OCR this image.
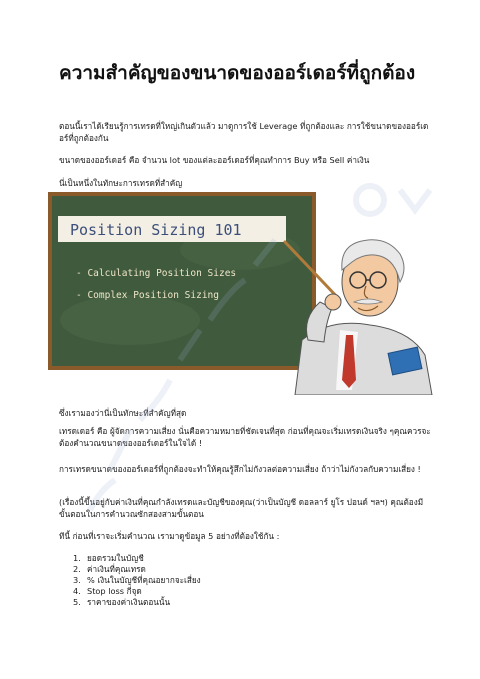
ความสำคัญของขนาดของออร์เดอร์ที่ถูกต้อง

ตอนนี้เราได้เรียนรู้การเทรดที่ใหญ่เกินตัวแล้ว มาดูการใช้ Leverage ที่ถูกต้องและ การใช้ขนาดของออร์เดอร์ที่ถูกต้องกัน

ขนาดของออร์เดอร์ คือ จำนวน lot ของแต่ละออร์เดอร์ที่คุณทำการ Buy หรือ Sell ค่าเงิน

นี่เป็นหนึ่งในทักษะการเทรดที่สำคัญ

Position Sizing 101
- Calculating Position Sizes
- Complex Position Sizing

ซึ่งเรามองว่านี่เป็นทักษะที่สำคัญที่สุด

เทรดเดอร์ คือ ผู้จัดการความเสี่ยง นั่นคือความหมายที่ชัดเจนที่สุด ก่อนที่คุณจะเริ่มเทรดเงินจริง ๆคุณควรจะต้องคำนวณขนาดของออร์เดอร์ในใจได้ !

การเทรดขนาดของออร์เดอร์ที่ถูกต้องจะทำให้คุณรู้สึกไม่กังวลต่อความเสี่ยง ถ้าว่าไม่กังวลกับความเสี่ยง !

(เรื่องนี้ขึ้นอยู่กับค่าเงินที่คุณกำลังเทรดและบัญชีของคุณ(ว่าเป็นบัญชี ดอลลาร์ ยูโร ปอนด์ ฯลฯ) คุณต้องมีขั้นตอนในการคำนวณซักสองสามขั้นตอน

ทีนี้ ก่อนที่เราจะเริ่มคำนวณ เรามาดูข้อมูล 5 อย่างที่ต้องใช้กัน :

1. ยอดรวมในบัญชี
2. ค่าเงินที่คุณเทรด
3. % เงินในบัญชีที่คุณอยากจะเสี่ยง
4. Stop loss กี่จุด
5. ราคาของค่าเงินตอนนั้น
